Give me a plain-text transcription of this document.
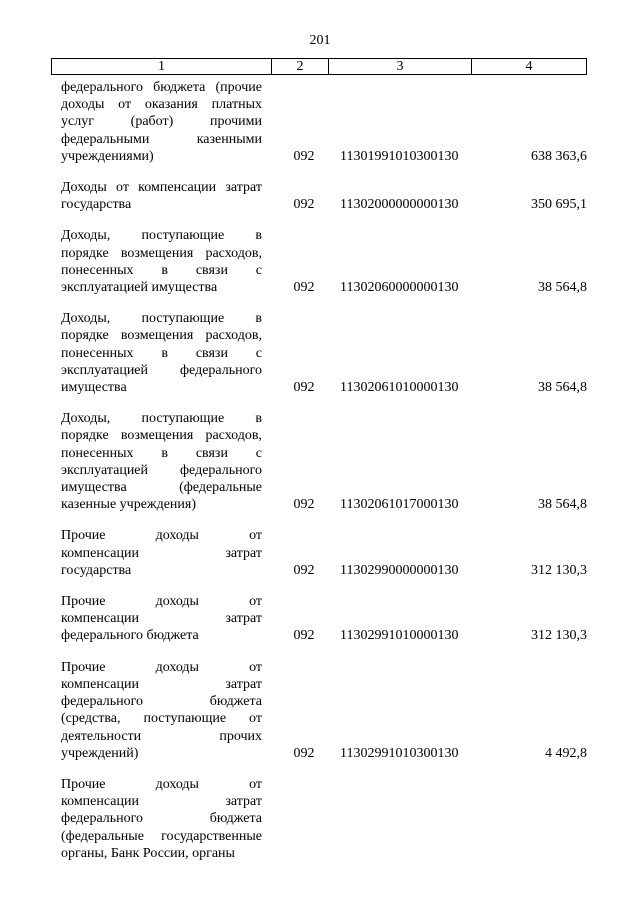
201
1	2	3	4
федерального бюджета (прочие
доходы от оказания платных
услуг (работ) прочими
федеральными казенными
учреждениями)	092	11301991010300130	638 363,6
Доходы от компенсации затрат
государства	092	11302000000000130	350 695,1
Доходы, поступающие в
порядке возмещения расходов,
понесенных в связи с
эксплуатацией имущества	092	11302060000000130	38 564,8
Доходы, поступающие в
порядке возмещения расходов,
понесенных в связи с
эксплуатацией федерального
имущества	092	11302061010000130	38 564,8
Доходы, поступающие в
порядке возмещения расходов,
понесенных в связи с
эксплуатацией федерального
имущества (федеральные
казенные учреждения)	092	11302061017000130	38 564,8
Прочие доходы от
компенсации затрат
государства	092	11302990000000130	312 130,3
Прочие доходы от
компенсации затрат
федерального бюджета	092	11302991010000130	312 130,3
Прочие доходы от
компенсации затрат
федерального бюджета
(средства, поступающие от
деятельности прочих
учреждений)	092	11302991010300130	4 492,8
Прочие доходы от
компенсации затрат
федерального бюджета
(федеральные государственные
органы, Банк России, органы
